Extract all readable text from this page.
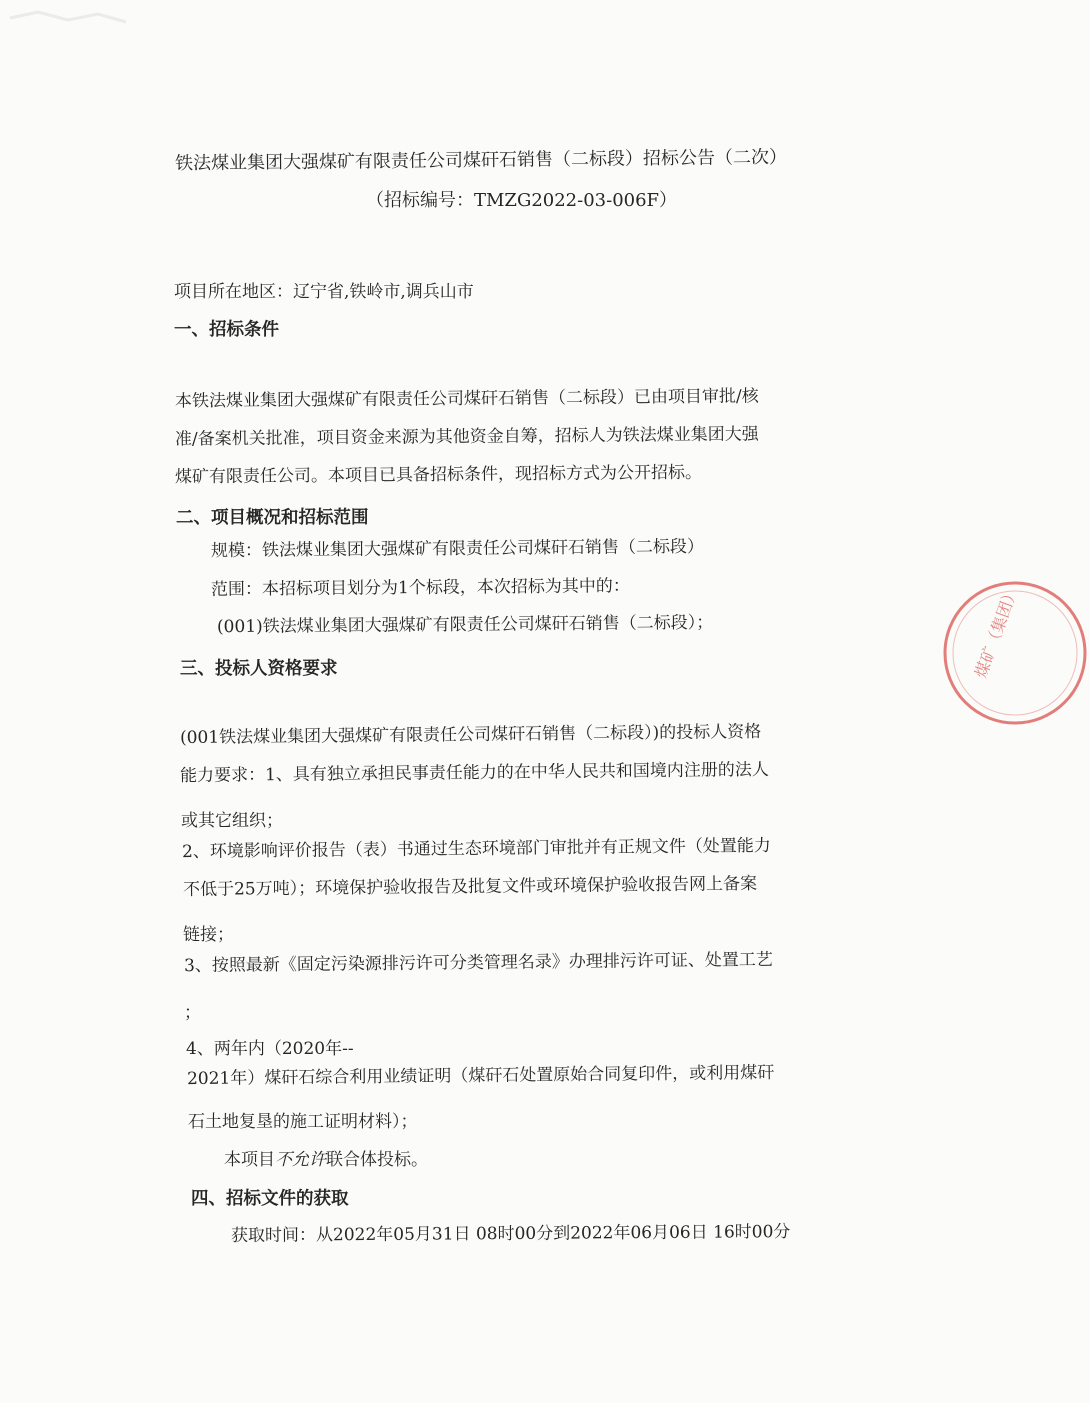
铁法煤业集团大强煤矿有限责任公司煤矸石销售（二标段）招标公告（二次）
（招标编号：TMZG2022-03-006F）
项目所在地区：辽宁省,铁岭市,调兵山市
一、招标条件
本铁法煤业集团大强煤矿有限责任公司煤矸石销售（二标段）已由项目审批/核
准/备案机关批准，项目资金来源为其他资金自筹，招标人为铁法煤业集团大强
煤矿有限责任公司。本项目已具备招标条件，现招标方式为公开招标。
二、项目概况和招标范围
规模：铁法煤业集团大强煤矿有限责任公司煤矸石销售（二标段）
范围：本招标项目划分为1个标段，本次招标为其中的：
(001)铁法煤业集团大强煤矿有限责任公司煤矸石销售（二标段）；
三、投标人资格要求
(001铁法煤业集团大强煤矿有限责任公司煤矸石销售（二标段）)的投标人资格
能力要求：1、具有独立承担民事责任能力的在中华人民共和国境内注册的法人
或其它组织；
2、环境影响评价报告（表）书通过生态环境部门审批并有正规文件（处置能力
不低于25万吨）；环境保护验收报告及批复文件或环境保护验收报告网上备案
链接；
3、按照最新《固定污染源排污许可分类管理名录》办理排污许可证、处置工艺
；
4、两年内（2020年--
2021年）煤矸石综合利用业绩证明（煤矸石处置原始合同复印件，或利用煤矸
石土地复垦的施工证明材料）；
本项目不允许联合体投标。
四、招标文件的获取
获取时间：从2022年05月31日 08时00分到2022年06月06日 16时00分
煤矿（集团）
